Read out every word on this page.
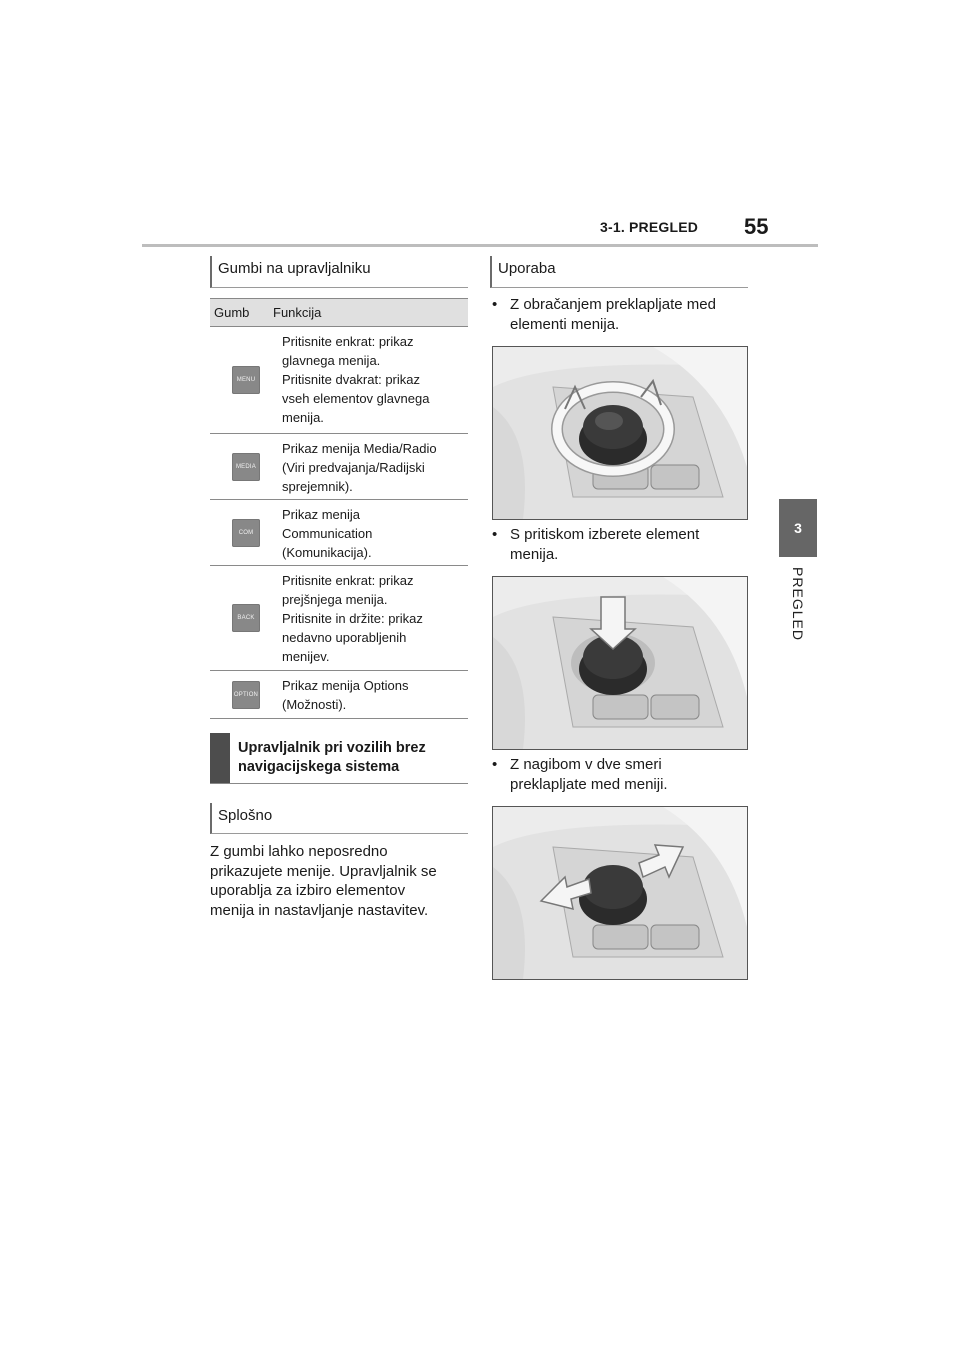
3-1. PREGLED 55
3
PREGLED
Gumbi na upravljalniku
Gumb	Funkcija
MENU
Pritisnite enkrat: prikaz
glavnega menija.
Pritisnite dvakrat: prikaz
vseh elementov glavnega
menija.
MEDIA
Prikaz menija Media/Radio
(Viri predvajanja/Radijski
sprejemnik).
COM
Prikaz menija
Communication
(Komunikacija).
BACK
Pritisnite enkrat: prikaz
prejšnjega menija.
Pritisnite in držite: prikaz
nedavno uporabljenih
menijev.
OPTION
Prikaz menija Options
(Možnosti).
Upravljalnik pri vozilih brez
navigacijskega sistema
Splošno
Z gumbi lahko neposredno
prikazujete menije. Upravljalnik se
uporablja za izbiro elementov
menija in nastavljanje nastavitev.
Uporaba
• Z obračanjem preklapljate med
elementi menija.
• S pritiskom izberete element
menija.
• Z nagibom v dve smeri
preklapljate med meniji.
